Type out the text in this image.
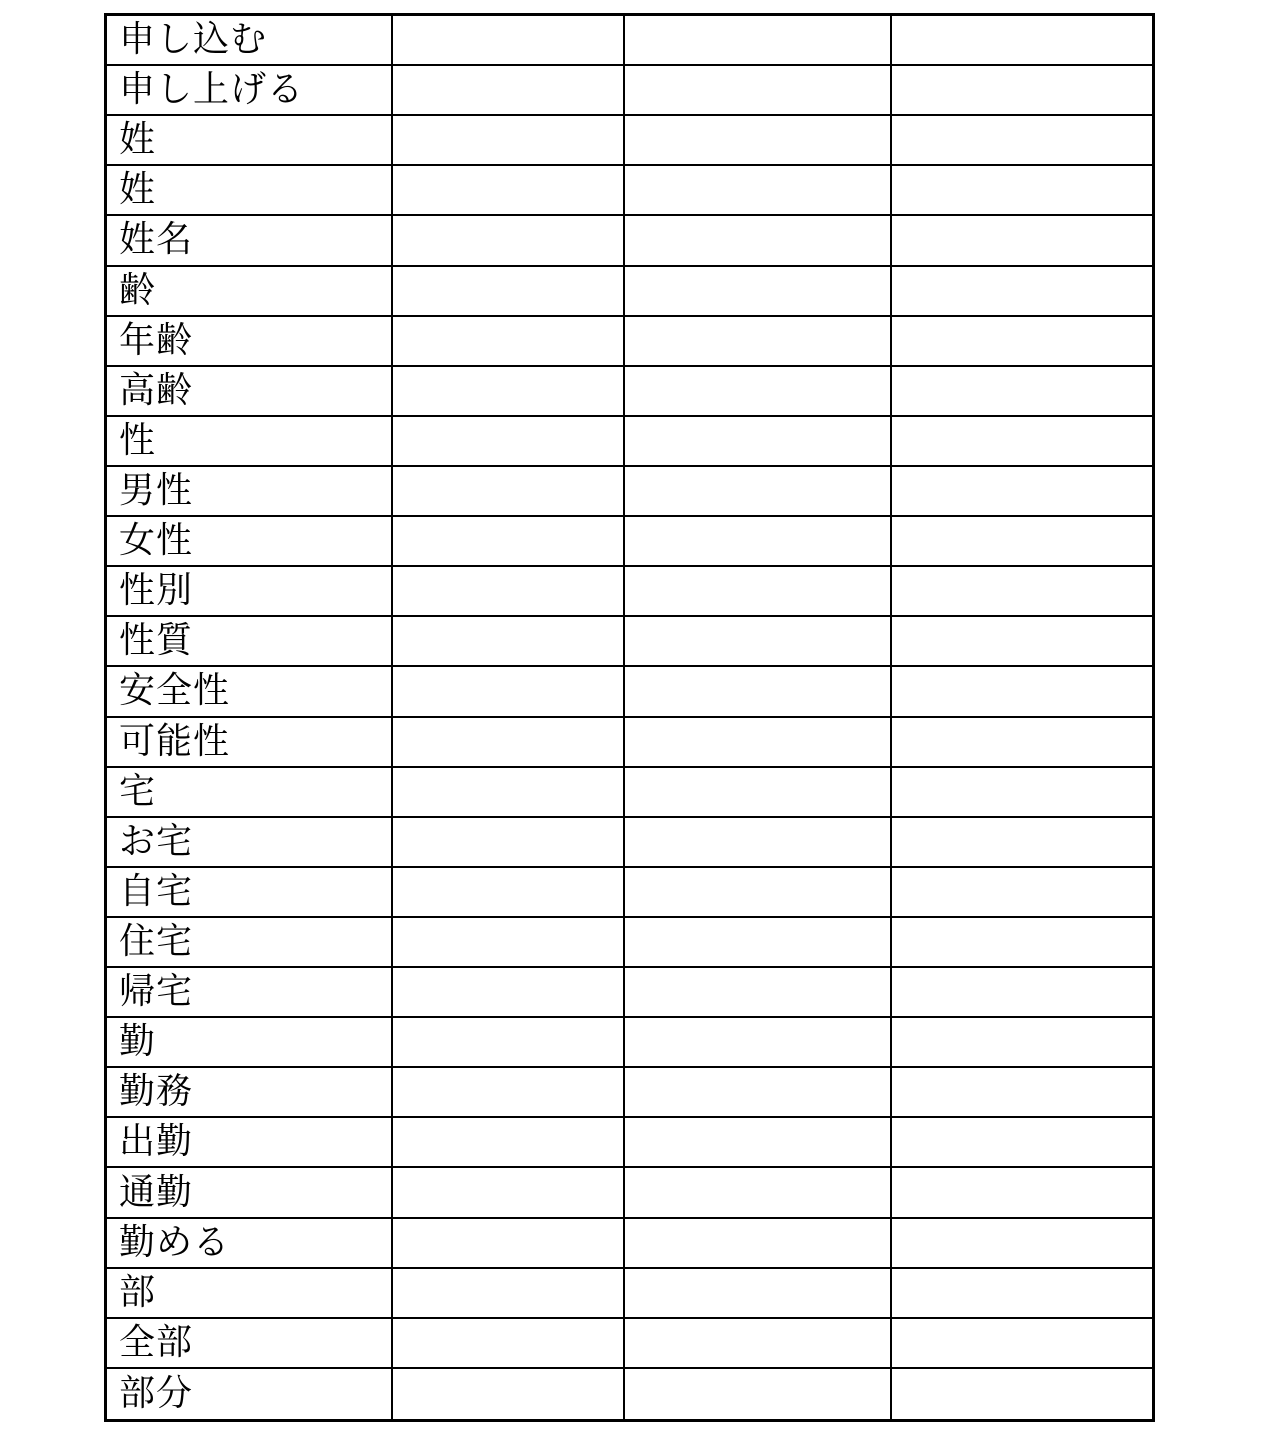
申し込む
申し上げる
姓
姓
姓名
齢
年齢
高齢
性
男性
女性
性別
性質
安全性
可能性
宅
お宅
自宅
住宅
帰宅
勤
勤務
出勤
通勤
勤める
部
全部
部分
